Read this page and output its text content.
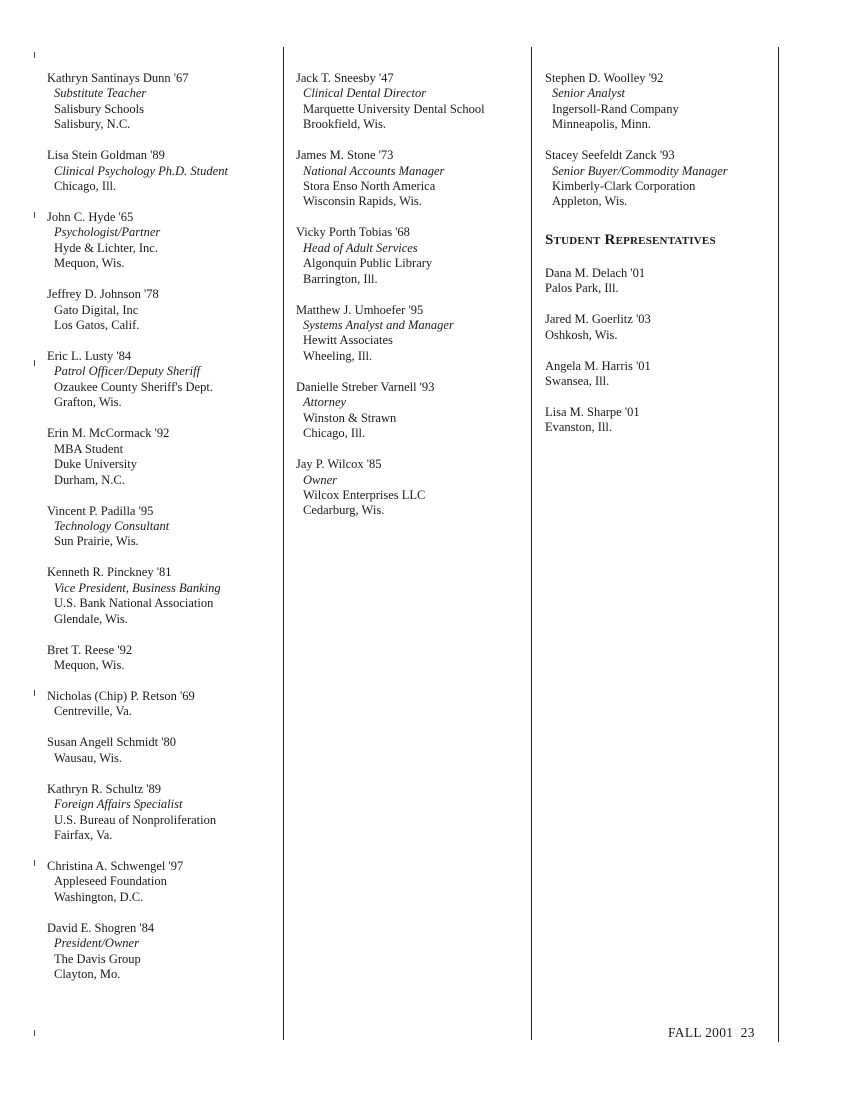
Kathryn Santinays Dunn '67
Substitute Teacher
Salisbury Schools
Salisbury, N.C.
Lisa Stein Goldman '89
Clinical Psychology Ph.D. Student
Chicago, Ill.
John C. Hyde '65
Psychologist/Partner
Hyde & Lichter, Inc.
Mequon, Wis.
Jeffrey D. Johnson '78
Gato Digital, Inc
Los Gatos, Calif.
Eric L. Lusty '84
Patrol Officer/Deputy Sheriff
Ozaukee County Sheriff's Dept.
Grafton, Wis.
Erin M. McCormack '92
MBA Student
Duke University
Durham, N.C.
Vincent P. Padilla '95
Technology Consultant
Sun Prairie, Wis.
Kenneth R. Pinckney '81
Vice President, Business Banking
U.S. Bank National Association
Glendale, Wis.
Bret T. Reese '92
Mequon, Wis.
Nicholas (Chip) P. Retson '69
Centreville, Va.
Susan Angell Schmidt '80
Wausau, Wis.
Kathryn R. Schultz '89
Foreign Affairs Specialist
U.S. Bureau of Nonproliferation
Fairfax, Va.
Christina A. Schwengel '97
Appleseed Foundation
Washington, D.C.
David E. Shogren '84
President/Owner
The Davis Group
Clayton, Mo.
Jack T. Sneesby '47
Clinical Dental Director
Marquette University Dental School
Brookfield, Wis.
James M. Stone '73
National Accounts Manager
Stora Enso North America
Wisconsin Rapids, Wis.
Vicky Porth Tobias '68
Head of Adult Services
Algonquin Public Library
Barrington, Ill.
Matthew J. Umhoefer '95
Systems Analyst and Manager
Hewitt Associates
Wheeling, Ill.
Danielle Streber Varnell '93
Attorney
Winston & Strawn
Chicago, Ill.
Jay P. Wilcox '85
Owner
Wilcox Enterprises LLC
Cedarburg, Wis.
Stephen D. Woolley '92
Senior Analyst
Ingersoll-Rand Company
Minneapolis, Minn.
Stacey Seefeldt Zanck '93
Senior Buyer/Commodity Manager
Kimberly-Clark Corporation
Appleton, Wis.
Student Representatives
Dana M. Delach '01
Palos Park, Ill.
Jared M. Goerlitz '03
Oshkosh, Wis.
Angela M. Harris '01
Swansea, Ill.
Lisa M. Sharpe '01
Evanston, Ill.
FALL 2001  23
